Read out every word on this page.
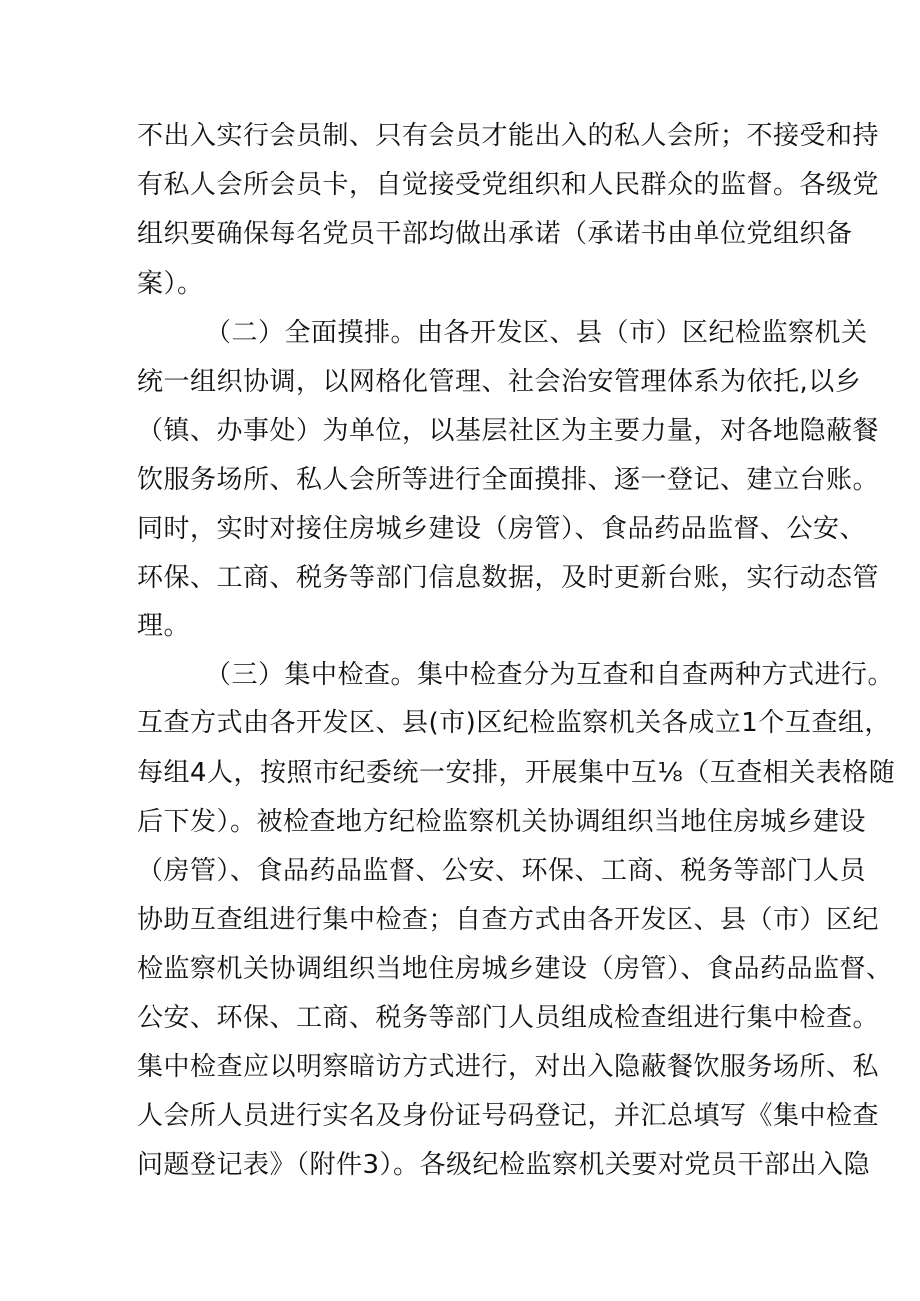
不出入实行会员制、只有会员才能出入的私人会所；不接受和持
有私人会所会员卡，自觉接受党组织和人民群众的监督。各级党
组织要确保每名党员干部均做出承诺（承诺书由单位党组织备
案）。
（二）全面摸排。由各开发区、县（市）区纪检监察机关
统一组织协调，以网格化管理、社会治安管理体系为依托,以乡
（镇、办事处）为单位，以基层社区为主要力量，对各地隐蔽餐
饮服务场所、私人会所等进行全面摸排、逐一登记、建立台账。
同时，实时对接住房城乡建设（房管）、食品药品监督、公安、
环保、工商、税务等部门信息数据，及时更新台账，实行动态管
理。
（三）集中检查。集中检查分为互查和自查两种方式进行。
互查方式由各开发区、县(市)区纪检监察机关各成立1个互查组，
每组4人，按照市纪委统一安排，开展集中互⅛（互查相关表格随
后下发）。被检查地方纪检监察机关协调组织当地住房城乡建设
（房管）、食品药品监督、公安、环保、工商、税务等部门人员
协助互查组进行集中检查；自查方式由各开发区、县（市）区纪
检监察机关协调组织当地住房城乡建设（房管）、食品药品监督、
公安、环保、工商、税务等部门人员组成检查组进行集中检查。
集中检查应以明察暗访方式进行，对出入隐蔽餐饮服务场所、私
人会所人员进行实名及身份证号码登记，并汇总填写《集中检查
问题登记表》（附件3）。各级纪检监察机关要对党员干部出入隐
